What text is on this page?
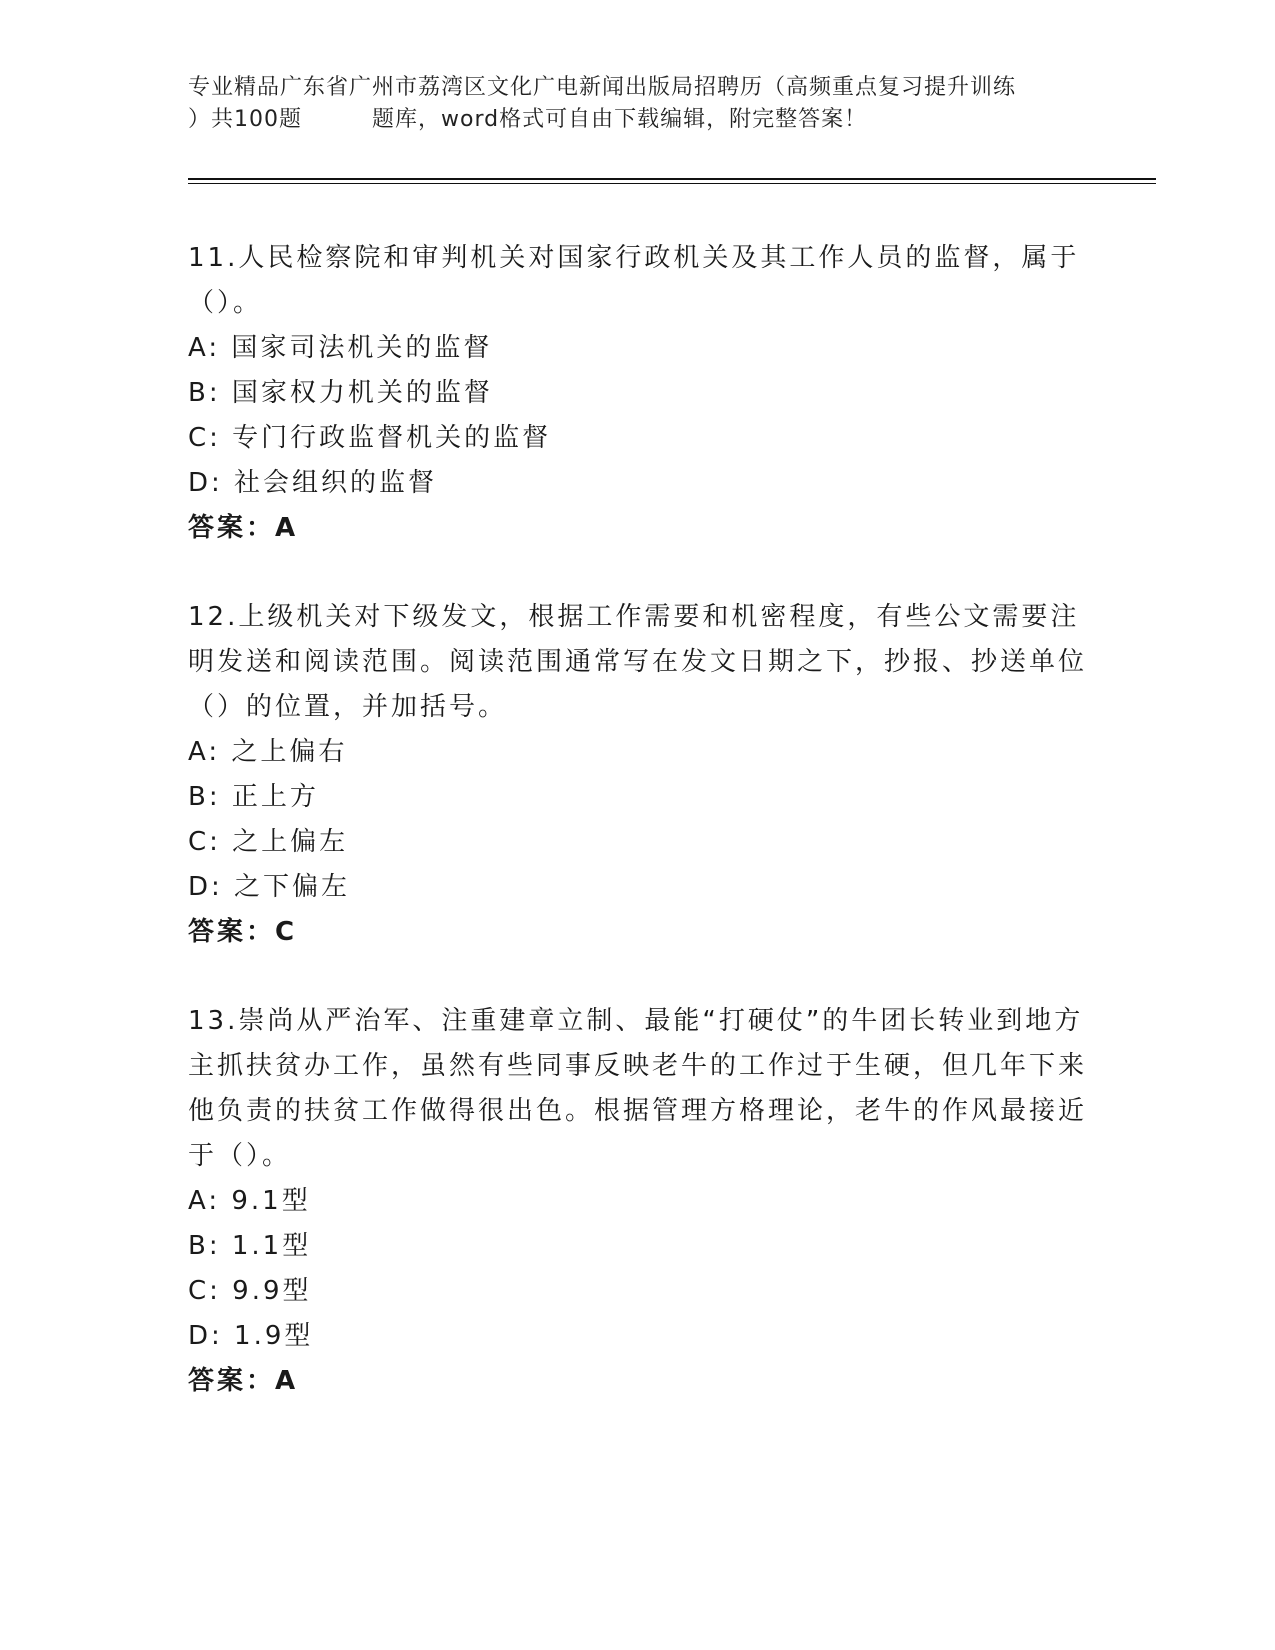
专业精品广东省广州市荔湾区文化广电新闻出版局招聘历（高频重点复习提升训练
）共100题	题库，word格式可自由下载编辑，附完整答案！

11.人民检察院和审判机关对国家行政机关及其工作人员的监督，属于（）。

A: 国家司法机关的监督

B: 国家权力机关的监督

C: 专门行政监督机关的监督

D: 社会组织的监督

答案：A

12.上级机关对下级发文，根据工作需要和机密程度，有些公文需要注明发送和阅读范围。阅读范围通常写在发文日期之下，抄报、抄送单位（）的位置，并加括号。

A: 之上偏右

B: 正上方

C: 之上偏左

D: 之下偏左

答案：C

13.崇尚从严治军、注重建章立制、最能“打硬仗”的牛团长转业到地方主抓扶贫办工作，虽然有些同事反映老牛的工作过于生硬，但几年下来他负责的扶贫工作做得很出色。根据管理方格理论，老牛的作风最接近于（）。

A: 9.1型

B: 1.1型

C: 9.9型

D: 1.9型

答案：A
